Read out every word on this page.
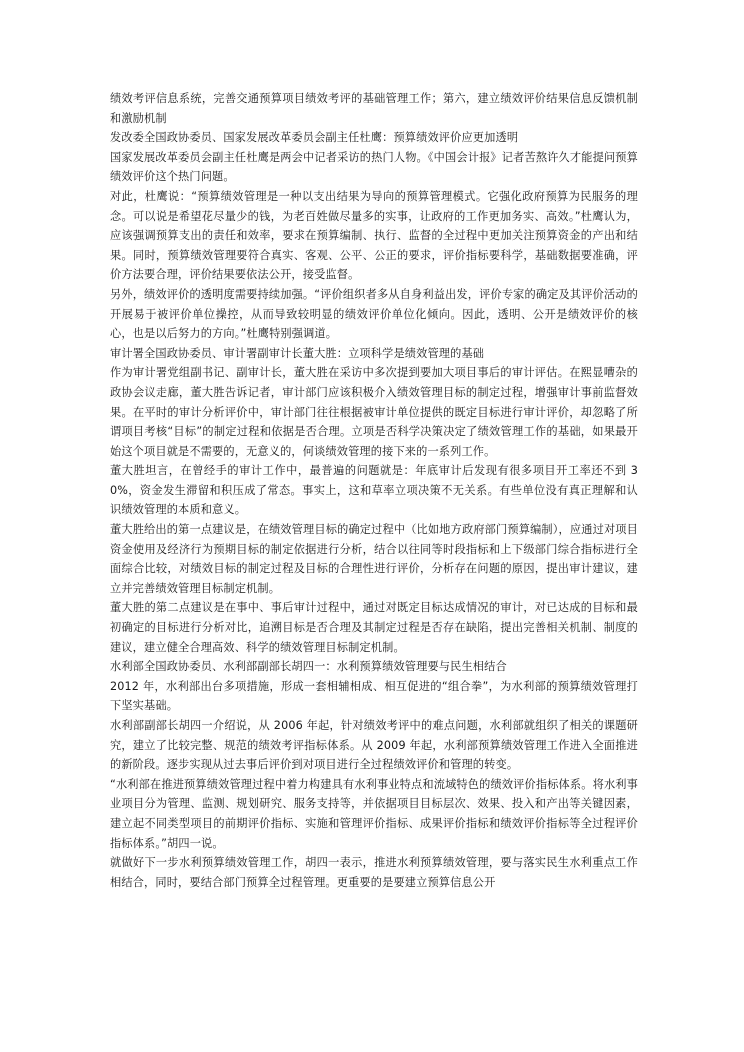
绩效考评信息系统，完善交通预算项目绩效考评的基础管理工作；第六，建立绩效评价结果信息反馈机制和激励机制

发改委全国政协委员、国家发展改革委员会副主任杜鹰：预算绩效评价应更加透明

国家发展改革委员会副主任杜鹰是两会中记者采访的热门人物。《中国会计报》记者苦熬许久才能提问预算绩效评价这个热门问题。

对此，杜鹰说：“预算绩效管理是一种以支出结果为导向的预算管理模式。它强化政府预算为民服务的理念。可以说是希望花尽量少的钱，为老百姓做尽量多的实事，让政府的工作更加务实、高效。”杜鹰认为，应该强调预算支出的责任和效率，要求在预算编制、执行、监督的全过程中更加关注预算资金的产出和结果。同时，预算绩效管理要符合真实、客观、公平、公正的要求，评价指标要科学，基础数据要准确，评价方法要合理，评价结果要依法公开，接受监督。

另外，绩效评价的透明度需要持续加强。“评价组织者多从自身利益出发，评价专家的确定及其评价活动的开展易于被评价单位操控，从而导致较明显的绩效评价单位化倾向。因此，透明、公开是绩效评价的核心，也是以后努力的方向。”杜鹰特别强调道。

审计署全国政协委员、审计署副审计长董大胜：立项科学是绩效管理的基础

作为审计署党组副书记、副审计长，董大胜在采访中多次提到要加大项目事后的审计评估。在熙显嘈杂的政协会议走廊，董大胜告诉记者，审计部门应该积极介入绩效管理目标的制定过程，增强审计事前监督效果。在平时的审计分析评价中，审计部门往往根据被审计单位提供的既定目标进行审计评价，却忽略了所谓项目考核“目标”的制定过程和依据是否合理。立项是否科学决策决定了绩效管理工作的基础，如果最开始这个项目就是不需要的，无意义的，何谈绩效管理的接下来的一系列工作。

董大胜坦言，在曾经手的审计工作中，最普遍的问题就是：年底审计后发现有很多项目开工率还不到 30%，资金发生滞留和积压成了常态。事实上，这和草率立项决策不无关系。有些单位没有真正理解和认识绩效管理的本质和意义。

董大胜给出的第一点建议是，在绩效管理目标的确定过程中（比如地方政府部门预算编制），应通过对项目资金使用及经济行为预期目标的制定依据进行分析，结合以往同等时段指标和上下级部门综合指标进行全面综合比较，对绩效目标的制定过程及目标的合理性进行评价，分析存在问题的原因，提出审计建议，建立并完善绩效管理目标制定机制。

董大胜的第二点建议是在事中、事后审计过程中，通过对既定目标达成情况的审计，对已达成的目标和最初确定的目标进行分析对比，追溯目标是否合理及其制定过程是否存在缺陷，提出完善相关机制、制度的建议，建立健全合理高效、科学的绩效管理目标制定机制。

水利部全国政协委员、水利部副部长胡四一：水利预算绩效管理要与民生相结合

2012 年，水利部出台多项措施，形成一套相辅相成、相互促进的“组合拳”，为水利部的预算绩效管理打下坚实基础。

水利部副部长胡四一介绍说，从 2006 年起，针对绩效考评中的难点问题，水利部就组织了相关的课题研究，建立了比较完整、规范的绩效考评指标体系。从 2009 年起，水利部预算绩效管理工作进入全面推进的新阶段。逐步实现从过去事后评价到对项目进行全过程绩效评价和管理的转变。

“水利部在推进预算绩效管理过程中着力构建具有水利事业特点和流域特色的绩效评价指标体系。将水利事业项目分为管理、监测、规划研究、服务支持等，并依据项目目标层次、效果、投入和产出等关键因素，建立起不同类型项目的前期评价指标、实施和管理评价指标、成果评价指标和绩效评价指标等全过程评价指标体系。”胡四一说。

就做好下一步水利预算绩效管理工作，胡四一表示，推进水利预算绩效管理，要与落实民生水利重点工作相结合，同时，要结合部门预算全过程管理。更重要的是要建立预算信息公开
